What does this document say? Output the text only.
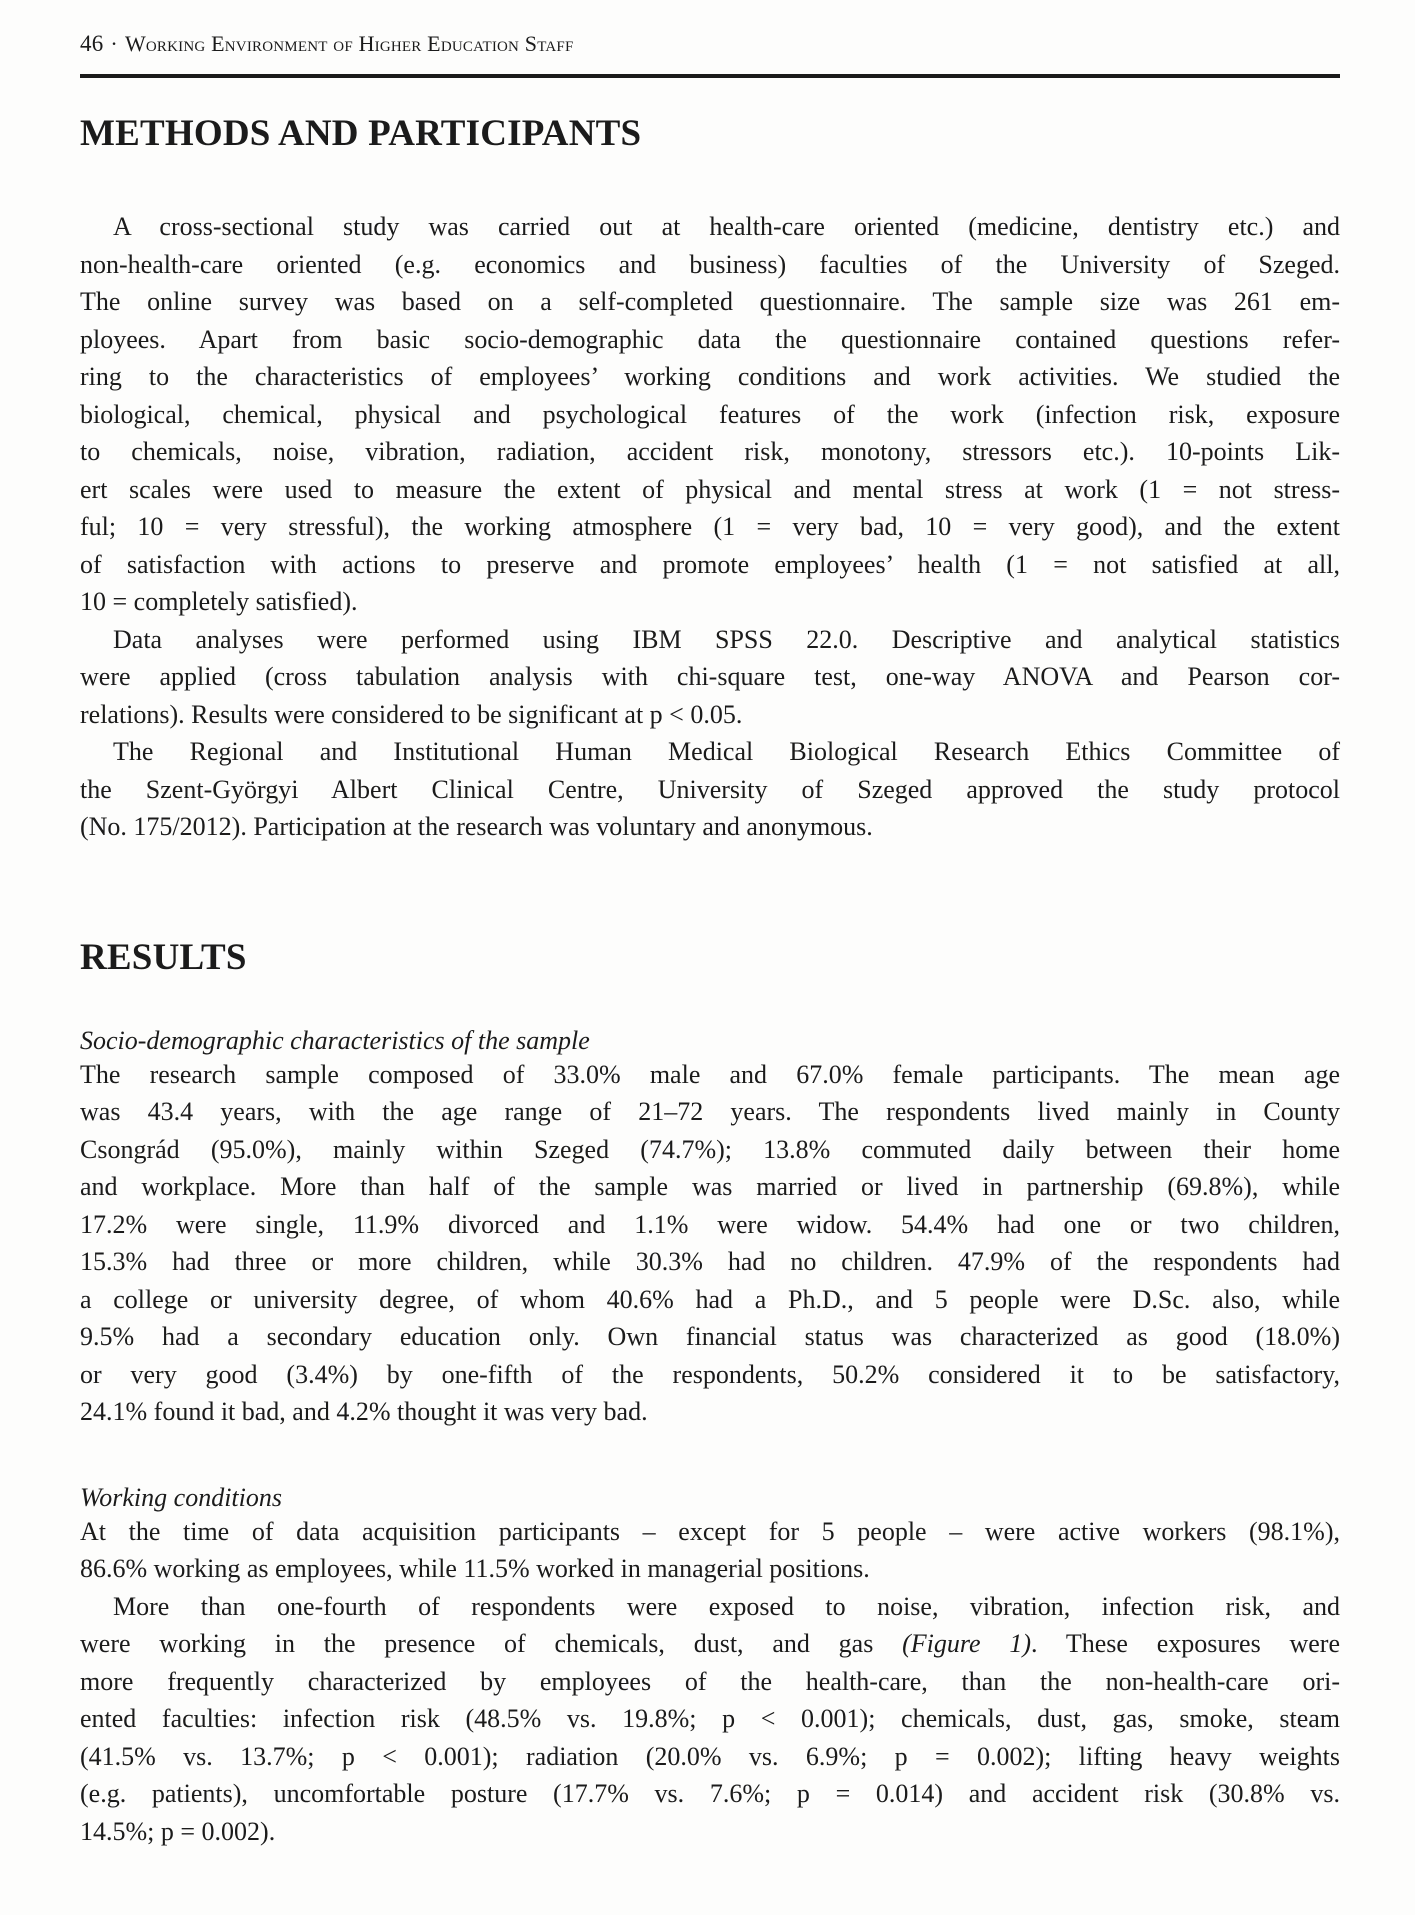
46 · Working Environment of Higher Education Staff
METHODS AND PARTICIPANTS
A cross-sectional study was carried out at health-care oriented (medicine, dentistry etc.) and
non-health-care oriented (e.g. economics and business) faculties of the University of Szeged.
The online survey was based on a self-completed questionnaire. The sample size was 261 em-
ployees. Apart from basic socio-demographic data the questionnaire contained questions refer-
ring to the characteristics of employees’ working conditions and work activities. We studied the
biological, chemical, physical and psychological features of the work (infection risk, exposure
to chemicals, noise, vibration, radiation, accident risk, monotony, stressors etc.). 10-points Lik-
ert scales were used to measure the extent of physical and mental stress at work (1 = not stress-
ful; 10 = very stressful), the working atmosphere (1 = very bad, 10 = very good), and the extent
of satisfaction with actions to preserve and promote employees’ health (1 = not satisfied at all,
10 = completely satisfied).
Data analyses were performed using IBM SPSS 22.0. Descriptive and analytical statistics
were applied (cross tabulation analysis with chi-square test, one-way ANOVA and Pearson cor-
relations). Results were considered to be significant at p < 0.05.
The Regional and Institutional Human Medical Biological Research Ethics Committee of
the Szent-Györgyi Albert Clinical Centre, University of Szeged approved the study protocol
(No. 175/2012). Participation at the research was voluntary and anonymous.
RESULTS
Socio-demographic characteristics of the sample
The research sample composed of 33.0% male and 67.0% female participants. The mean age
was 43.4 years, with the age range of 21–72 years. The respondents lived mainly in County
Csongrád (95.0%), mainly within Szeged (74.7%); 13.8% commuted daily between their home
and workplace. More than half of the sample was married or lived in partnership (69.8%), while
17.2% were single, 11.9% divorced and 1.1% were widow. 54.4% had one or two children,
15.3% had three or more children, while 30.3% had no children. 47.9% of the respondents had
a college or university degree, of whom 40.6% had a Ph.D., and 5 people were D.Sc. also, while
9.5% had a secondary education only. Own financial status was characterized as good (18.0%)
or very good (3.4%) by one-fifth of the respondents, 50.2% considered it to be satisfactory,
24.1% found it bad, and 4.2% thought it was very bad.
Working conditions
At the time of data acquisition participants – except for 5 people – were active workers (98.1%),
86.6% working as employees, while 11.5% worked in managerial positions.
More than one-fourth of respondents were exposed to noise, vibration, infection risk, and
were working in the presence of chemicals, dust, and gas (Figure 1). These exposures were
more frequently characterized by employees of the health-care, than the non-health-care ori-
ented faculties: infection risk (48.5% vs. 19.8%; p < 0.001); chemicals, dust, gas, smoke, steam
(41.5% vs. 13.7%; p < 0.001); radiation (20.0% vs. 6.9%; p = 0.002); lifting heavy weights
(e.g. patients), uncomfortable posture (17.7% vs. 7.6%; p = 0.014) and accident risk (30.8% vs.
14.5%; p = 0.002).
